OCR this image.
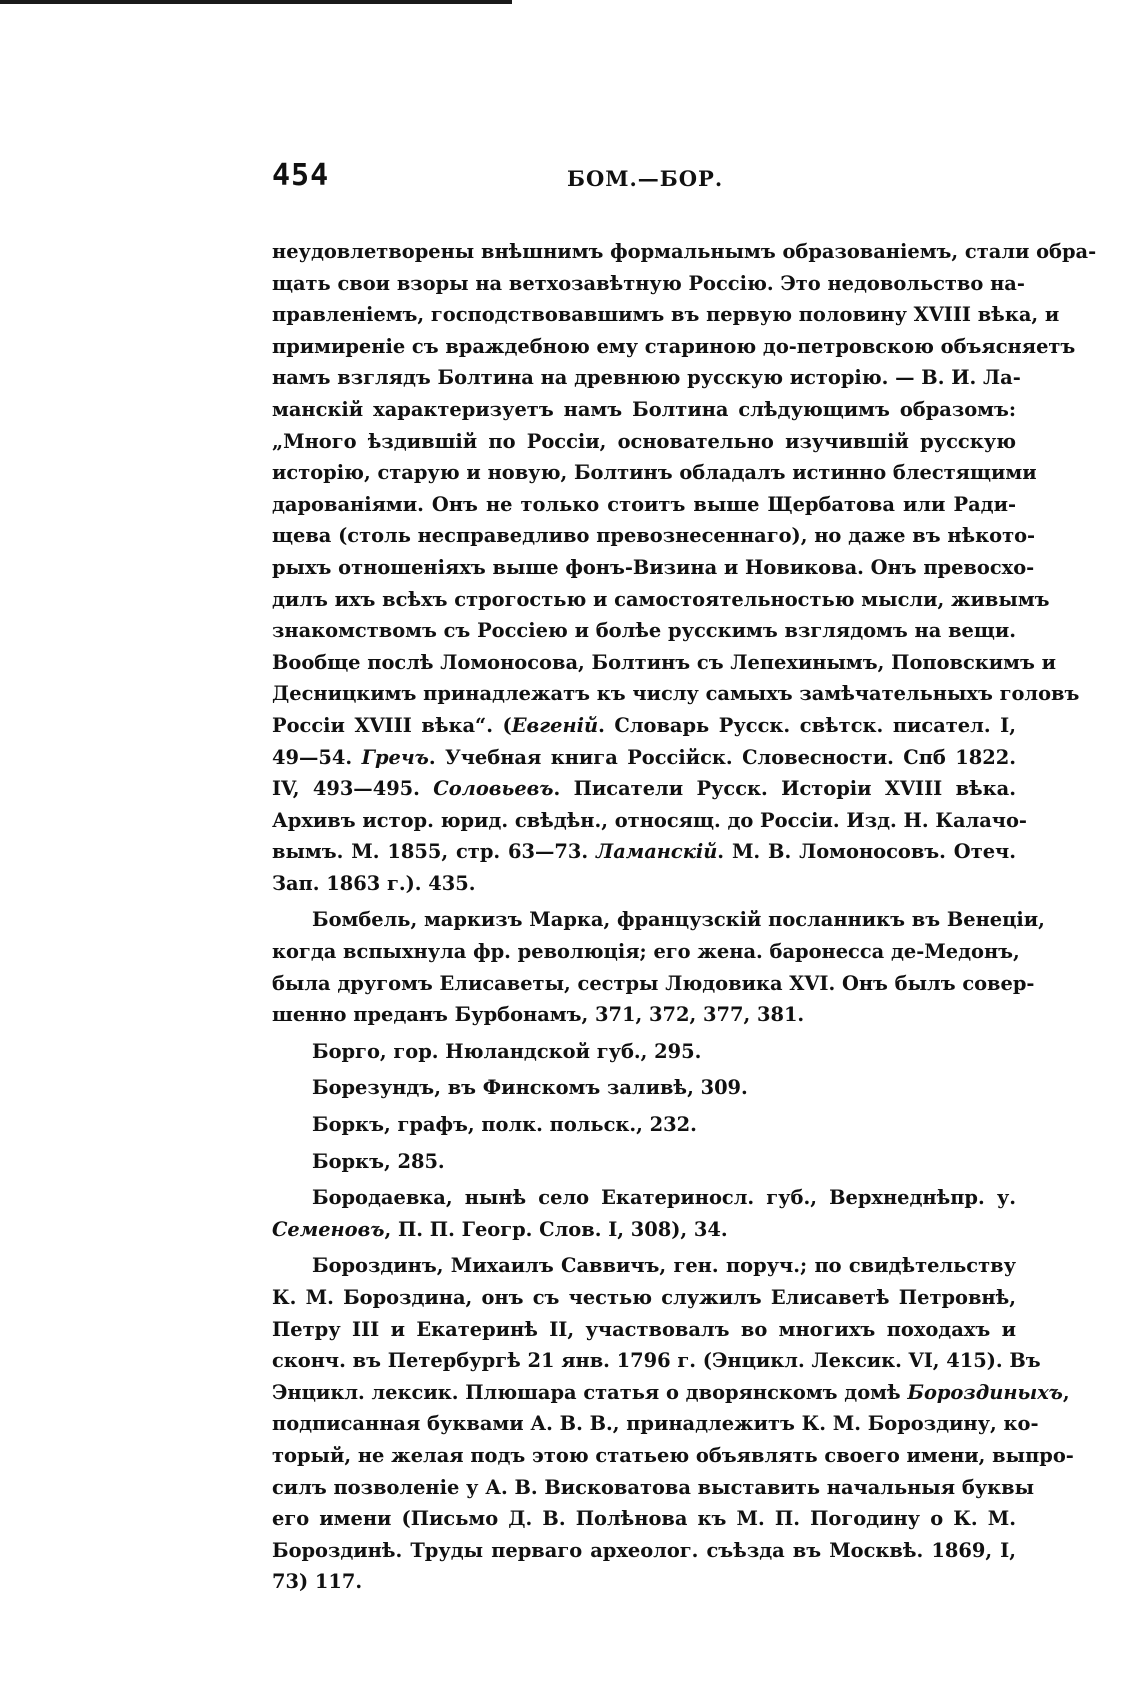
454	БОМ.—БОР.
неудовлетворены внѣшнимъ формальнымъ образованіемъ, стали обра-
щать свои взоры на ветхозавѣтную Россію. Это недовольство на-
правленіемъ, господствовавшимъ въ первую половину XVIII вѣка, и
примиреніе съ враждебною ему стариною до-петровскою объясняетъ
намъ взглядъ Болтина на древнюю русскую исторію. — В. И. Ла-
манскій характеризуетъ намъ Болтина слѣдующимъ образомъ:
„Много ѣздившій по Россіи, основательно изучившій русскую
исторію, старую и новую, Болтинъ обладалъ истинно блестящими
дарованіями. Онъ не только стоитъ выше Щербатова или Ради-
щева (столь несправедливо превознесеннаго), но даже въ нѣкото-
рыхъ отношеніяхъ выше фонъ-Визина и Новикова. Онъ превосхо-
дилъ ихъ всѣхъ строгостью и самостоятельностью мысли, живымъ
знакомствомъ съ Россіею и болѣе русскимъ взглядомъ на вещи.
Вообще послѣ Ломоносова, Болтинъ съ Лепехинымъ, Поповскимъ и
Десницкимъ принадлежатъ къ числу самыхъ замѣчательныхъ головъ
Россіи XVIII вѣка“. (Евгеній. Словарь Русск. свѣтск. писател. I,
49—54. Гречъ. Учебная книга Россійск. Словесности. Спб 1822.
IV, 493—495. Соловьевъ. Писатели Русск. Исторіи XVIII вѣка.
Архивъ истор. юрид. свѣдѣн., относящ. до Россіи. Изд. Н. Калачо-
вымъ. М. 1855, стр. 63—73. Ламанскій. М. В. Ломоносовъ. Отеч.
Зап. 1863 г.). 435.
Бомбель, маркизъ Марка, французскій посланникъ въ Венеціи,
когда вспыхнула фр. революція; его жена. баронесса де-Медонъ,
была другомъ Елисаветы, сестры Людовика XVI. Онъ былъ совер-
шенно преданъ Бурбонамъ, 371, 372, 377, 381.
Борго, гор. Нюландской губ., 295.
Борезундъ, въ Финскомъ заливѣ, 309.
Боркъ, графъ, полк. польск., 232.
Боркъ, 285.
Бородаевка, нынѣ село Екатериносл. губ., Верхнеднѣпр. у.
Семеновъ, П. П. Геогр. Слов. I, 308), 34.
Бороздинъ, Михаилъ Саввичъ, ген. поруч.; по свидѣтельству
К. М. Бороздина, онъ съ честью служилъ Елисаветѣ Петровнѣ,
Петру III и Екатеринѣ II, участвовалъ во многихъ походахъ и
сконч. въ Петербургѣ 21 янв. 1796 г. (Энцикл. Лексик. VI, 415). Въ
Энцикл. лексик. Плюшара статья о дворянскомъ домѣ Бороздиныхъ,
подписанная буквами А. В. В., принадлежитъ К. М. Бороздину, ко-
торый, не желая подъ этою статьею объявлять своего имени, выпро-
силъ позволеніе у А. В. Висковатова выставить начальныя буквы
его имени (Письмо Д. В. Полѣнова къ М. П. Погодину о К. М.
Бороздинѣ. Труды перваго археолог. съѣзда въ Москвѣ. 1869, I,
73) 117.
